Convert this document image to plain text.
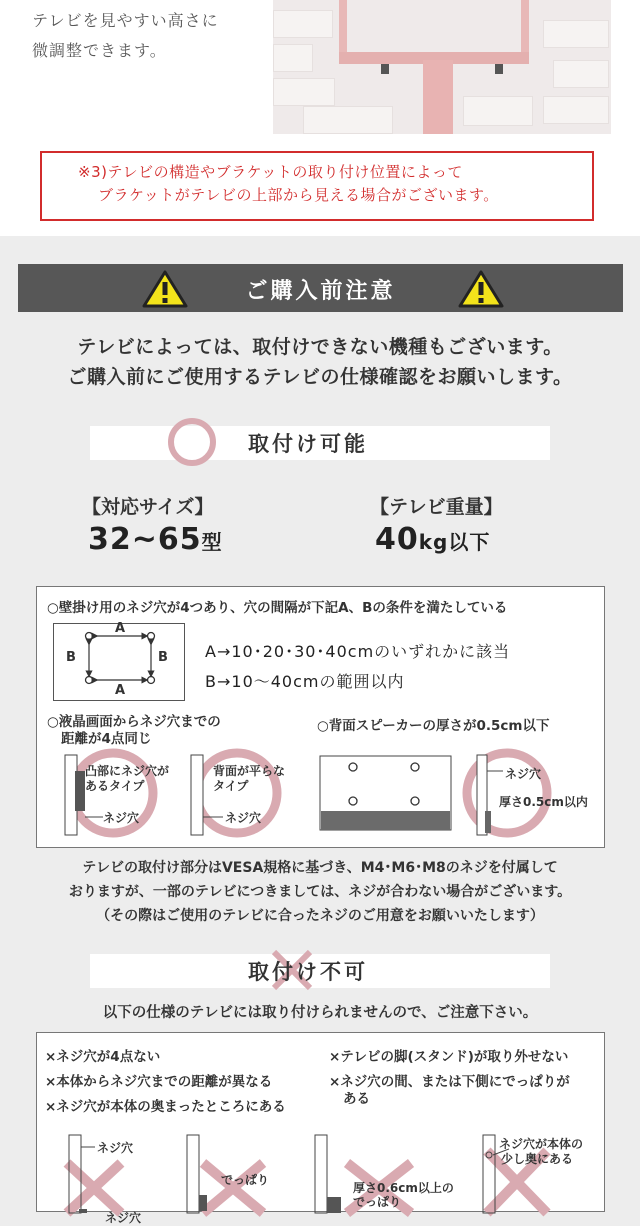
テレビを見やすい高さに
微調整できます。
※3)テレビの構造やブラケットの取り付け位置によって
ブラケットがテレビの上部から見える場合がございます。
ご購入前注意
テレビによっては、取付けできない機種もございます。
ご購入前にご使用するテレビの仕様確認をお願いします。
取付け可能
【対応サイズ】
32~65型
【テレビ重量】
40kg以下
○壁掛け用のネジ穴が4つあり、穴の間隔が下記A、Bの条件を満たしている
A
A
B	B A→10･20･30･40cmのいずれかに該当
B→10〜40cmの範囲以内
○液晶画面からネジ穴までの
距離が4点同じ
○背面スピーカーの厚さが0.5cm以下
凸部にネジ穴が
あるタイプ
ネジ穴
背面が平らな
タイプ
ネジ穴
ネジ穴
厚さ0.5cm以内
テレビの取付け部分はVESA規格に基づき、M4･M6･M8のネジを付属して
おりますが、一部のテレビにつきましては、ネジが合わない場合がございます。
（その際はご使用のテレビに合ったネジのご用意をお願いいたします）
取付け不可
以下の仕様のテレビには取り付けられませんので、ご注意下さい。
×ネジ穴が4点ない
×本体からネジ穴までの距離が異なる
×ネジ穴が本体の奥まったところにある
×テレビの脚(スタンド)が取り外せない
×ネジ穴の間、または下側にでっぱりが
ある
ネジ穴
ネジ穴
でっぱり
厚さ0.6cm以上の
でっぱり
ネジ穴が本体の
少し奥にある
